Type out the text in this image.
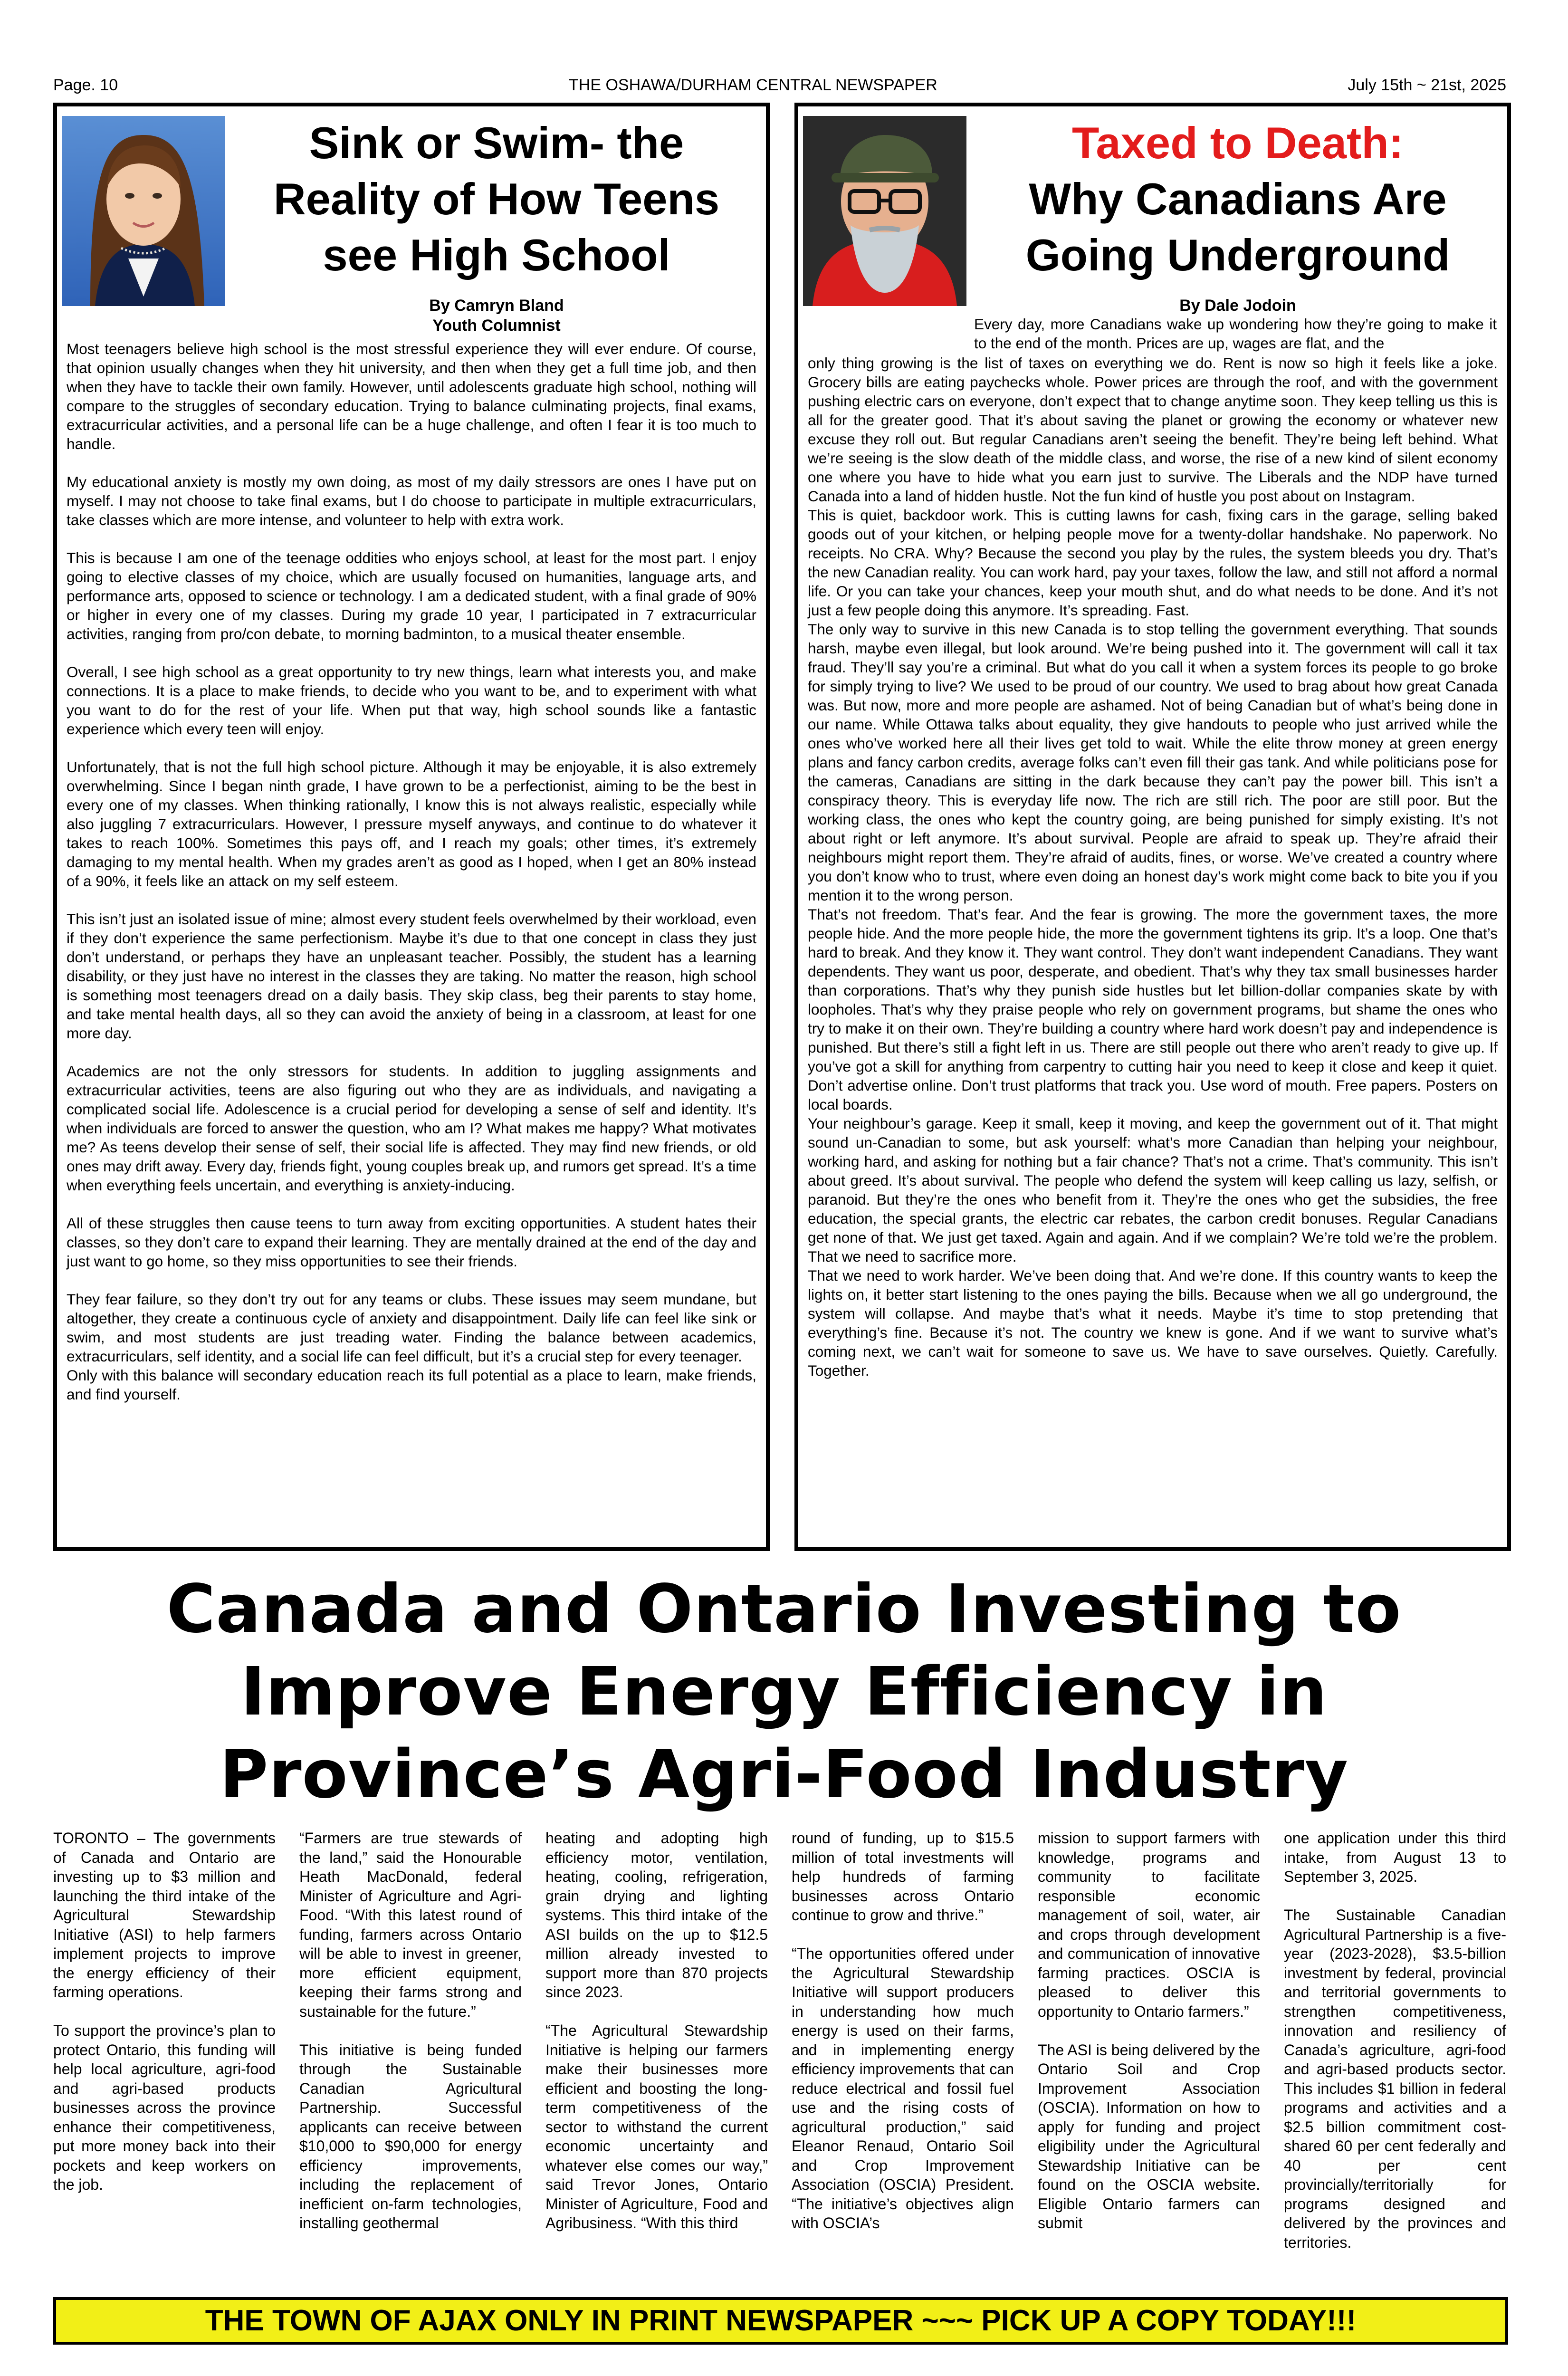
Page. 10	THE OSHAWA/DURHAM CENTRAL NEWSPAPER	July 15th ~ 21st, 2025
Sink or Swim- the Reality of How Teens see High School
By Camryn Bland
Youth Columnist
Most teenagers believe high school is the most stressful experience they will ever endure. Of course, that opinion usually changes when they hit university, and then when they get a full time job, and then when they have to tackle their own family. However, until adolescents graduate high school, nothing will compare to the struggles of secondary education. Trying to balance culminating projects, final exams, extracurricular activities, and a personal life can be a huge challenge, and often I fear it is too much to handle.

My educational anxiety is mostly my own doing, as most of my daily stressors are ones I have put on myself. I may not choose to take final exams, but I do choose to participate in multiple extracurriculars, take classes which are more intense, and volunteer to help with extra work.

This is because I am one of the teenage oddities who enjoys school, at least for the most part. I enjoy going to elective classes of my choice, which are usually focused on humanities, language arts, and performance arts, opposed to science or technology. I am a dedicated student, with a final grade of 90% or higher in every one of my classes. During my grade 10 year, I participated in 7 extracurricular activities, ranging from pro/con debate, to morning badminton, to a musical theater ensemble.

Overall, I see high school as a great opportunity to try new things, learn what interests you, and make connections. It is a place to make friends, to decide who you want to be, and to experiment with what you want to do for the rest of your life. When put that way, high school sounds like a fantastic experience which every teen will enjoy.

Unfortunately, that is not the full high school picture. Although it may be enjoyable, it is also extremely overwhelming. Since I began ninth grade, I have grown to be a perfectionist, aiming to be the best in every one of my classes. When thinking rationally, I know this is not always realistic, especially while also juggling 7 extracurriculars. However, I pressure myself anyways, and continue to do whatever it takes to reach 100%. Sometimes this pays off, and I reach my goals; other times, it’s extremely damaging to my mental health. When my grades aren’t as good as I hoped, when I get an 80% instead of a 90%, it feels like an attack on my self esteem.

This isn’t just an isolated issue of mine; almost every student feels overwhelmed by their workload, even if they don’t experience the same perfectionism. Maybe it’s due to that one concept in class they just don’t understand, or perhaps they have an unpleasant teacher. Possibly, the student has a learning disability, or they just have no interest in the classes they are taking. No matter the reason, high school is something most teenagers dread on a daily basis. They skip class, beg their parents to stay home, and take mental health days, all so they can avoid the anxiety of being in a classroom, at least for one more day.

Academics are not the only stressors for students. In addition to juggling assignments and extracurricular activities, teens are also figuring out who they are as individuals, and navigating a complicated social life. Adolescence is a crucial period for developing a sense of self and identity. It’s when individuals are forced to answer the question, who am I? What makes me happy? What motivates me? As teens develop their sense of self, their social life is affected. They may find new friends, or old ones may drift away. Every day, friends fight, young couples break up, and rumors get spread. It’s a time when everything feels uncertain, and everything is anxiety-inducing.

All of these struggles then cause teens to turn away from exciting opportunities. A student hates their classes, so they don’t care to expand their learning. They are mentally drained at the end of the day and just want to go home, so they miss opportunities to see their friends.

They fear failure, so they don’t try out for any teams or clubs. These issues may seem mundane, but altogether, they create a continuous cycle of anxiety and disappointment. Daily life can feel like sink or swim, and most students are just treading water. Finding the balance between academics, extracurriculars, self identity, and a social life can feel difficult, but it’s a crucial step for every teenager.
Only with this balance will secondary education reach its full potential as a place to learn, make friends, and find yourself.
Taxed to Death:
Why Canadians Are Going Underground
By Dale Jodoin
Every day, more Canadians wake up wondering how they’re going to make it to the end of the month. Prices are up, wages are flat, and the
only thing growing is the list of taxes on everything we do. Rent is now so high it feels like a joke. Grocery bills are eating paychecks whole. Power prices are through the roof, and with the government pushing electric cars on everyone, don’t expect that to change anytime soon. They keep telling us this is all for the greater good. That it’s about saving the planet or growing the economy or whatever new excuse they roll out. But regular Canadians aren’t seeing the benefit. They’re being left behind. What we’re seeing is the slow death of the middle class, and worse, the rise of a new kind of silent economy one where you have to hide what you earn just to survive. The Liberals and the NDP have turned Canada into a land of hidden hustle. Not the fun kind of hustle you post about on Instagram.
This is quiet, backdoor work. This is cutting lawns for cash, fixing cars in the garage, selling baked goods out of your kitchen, or helping people move for a twenty-dollar handshake. No paperwork. No receipts. No CRA. Why? Because the second you play by the rules, the system bleeds you dry. That’s the new Canadian reality. You can work hard, pay your taxes, follow the law, and still not afford a normal life. Or you can take your chances, keep your mouth shut, and do what needs to be done. And it’s not just a few people doing this anymore. It’s spreading. Fast.
The only way to survive in this new Canada is to stop telling the government everything. That sounds harsh, maybe even illegal, but look around. We’re being pushed into it. The government will call it tax fraud. They’ll say you’re a criminal. But what do you call it when a system forces its people to go broke for simply trying to live? We used to be proud of our country. We used to brag about how great Canada was. But now, more and more people are ashamed. Not of being Canadian but of what’s being done in our name. While Ottawa talks about equality, they give handouts to people who just arrived while the ones who’ve worked here all their lives get told to wait. While the elite throw money at green energy plans and fancy carbon credits, average folks can’t even fill their gas tank. And while politicians pose for the cameras, Canadians are sitting in the dark because they can’t pay the power bill. This isn’t a conspiracy theory. This is everyday life now. The rich are still rich. The poor are still poor. But the working class, the ones who kept the country going, are being punished for simply existing. It’s not about right or left anymore. It’s about survival. People are afraid to speak up. They’re afraid their neighbours might report them. They’re afraid of audits, fines, or worse. We’ve created a country where you don’t know who to trust, where even doing an honest day’s work might come back to bite you if you mention it to the wrong person.
That’s not freedom. That’s fear. And the fear is growing. The more the government taxes, the more people hide. And the more people hide, the more the government tightens its grip. It’s a loop. One that’s hard to break. And they know it. They want control. They don’t want independent Canadians. They want dependents. They want us poor, desperate, and obedient. That’s why they tax small businesses harder than corporations. That’s why they punish side hustles but let billion-dollar companies skate by with loopholes. That’s why they praise people who rely on government programs, but shame the ones who try to make it on their own. They’re building a country where hard work doesn’t pay and independence is punished. But there’s still a fight left in us. There are still people out there who aren’t ready to give up. If you’ve got a skill for anything from carpentry to cutting hair you need to keep it close and keep it quiet. Don’t advertise online. Don’t trust platforms that track you. Use word of mouth. Free papers. Posters on local boards.
Your neighbour’s garage. Keep it small, keep it moving, and keep the government out of it. That might sound un-Canadian to some, but ask yourself: what’s more Canadian than helping your neighbour, working hard, and asking for nothing but a fair chance? That’s not a crime. That’s community. This isn’t about greed. It’s about survival. The people who defend the system will keep calling us lazy, selfish, or paranoid. But they’re the ones who benefit from it. They’re the ones who get the subsidies, the free education, the special grants, the electric car rebates, the carbon credit bonuses. Regular Canadians get none of that. We just get taxed. Again and again. And if we complain? We’re told we’re the problem. That we need to sacrifice more.
That we need to work harder. We’ve been doing that. And we’re done. If this country wants to keep the lights on, it better start listening to the ones paying the bills. Because when we all go underground, the system will collapse. And maybe that’s what it needs. Maybe it’s time to stop pretending that everything’s fine. Because it’s not. The country we knew is gone. And if we want to survive what’s coming next, we can’t wait for someone to save us. We have to save ourselves. Quietly. Carefully. Together.
Canada and Ontario Investing to Improve Energy Efficiency in Province’s Agri-Food Industry
TORONTO – The governments of Canada and Ontario are investing up to $3 million and launching the third intake of the Agricultural Stewardship Initiative (ASI) to help farmers implement projects to improve the energy efficiency of their farming operations.

To support the province’s plan to protect Ontario, this funding will help local agriculture, agri-food and agri-based products businesses across the province enhance their competitiveness, put more money back into their pockets and keep workers on the job.
“Farmers are true stewards of the land,” said the Honourable Heath MacDonald, federal Minister of Agriculture and Agri-Food. “With this latest round of funding, farmers across Ontario will be able to invest in greener, more efficient equipment, keeping their farms strong and sustainable for the future.”

This initiative is being funded through the Sustainable Canadian Agricultural Partnership. Successful applicants can receive between $10,000 to $90,000 for energy efficiency improvements, including the replacement of inefficient on-farm technologies, installing geothermal
heating and adopting high efficiency motor, ventilation, heating, cooling, refrigeration, grain drying and lighting systems. This third intake of the ASI builds on the up to $12.5 million already invested to support more than 870 projects since 2023.

“The Agricultural Stewardship Initiative is helping our farmers make their businesses more efficient and boosting the long-term competitiveness of the sector to withstand the current economic uncertainty and whatever else comes our way,” said Trevor Jones, Ontario Minister of Agriculture, Food and Agribusiness. “With this third
round of funding, up to $15.5 million of total investments will help hundreds of farming businesses across Ontario continue to grow and thrive.”

“The opportunities offered under the Agricultural Stewardship Initiative will support producers in understanding how much energy is used on their farms, and in implementing energy efficiency improvements that can reduce electrical and fossil fuel use and the rising costs of agricultural production,” said Eleanor Renaud, Ontario Soil and Crop Improvement Association (OSCIA) President. “The initiative’s objectives align with OSCIA’s
mission to support farmers with knowledge, programs and community to facilitate responsible economic management of soil, water, air and crops through development and communication of innovative farming practices. OSCIA is pleased to deliver this opportunity to Ontario farmers.”

The ASI is being delivered by the Ontario Soil and Crop Improvement Association (OSCIA). Information on how to apply for funding and project eligibility under the Agricultural Stewardship Initiative can be found on the OSCIA website. Eligible Ontario farmers can submit
one application under this third intake, from August 13 to September 3, 2025.

The Sustainable Canadian Agricultural Partnership is a five-year (2023-2028), $3.5-billion investment by federal, provincial and territorial governments to strengthen competitiveness, innovation and resiliency of Canada’s agriculture, agri-food and agri-based products sector. This includes $1 billion in federal programs and activities and a $2.5 billion commitment cost-shared 60 per cent federally and 40 per cent provincially/territorially for programs designed and delivered by the provinces and territories.
THE TOWN OF AJAX ONLY IN PRINT NEWSPAPER ~~~ PICK UP A COPY TODAY!!!
